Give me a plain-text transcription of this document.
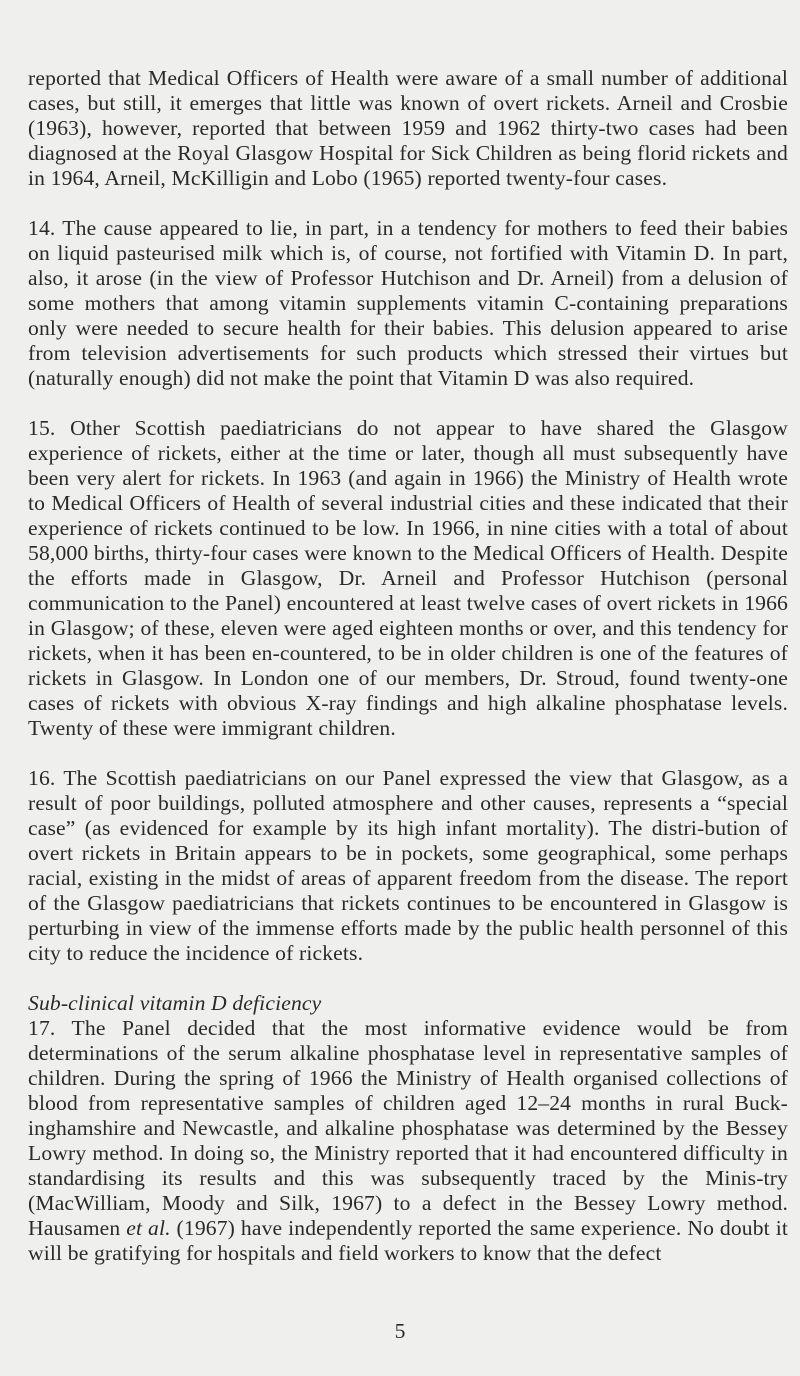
reported that Medical Officers of Health were aware of a small number of additional cases, but still, it emerges that little was known of overt rickets. Arneil and Crosbie (1963), however, reported that between 1959 and 1962 thirty-two cases had been diagnosed at the Royal Glasgow Hospital for Sick Children as being florid rickets and in 1964, Arneil, McKilligin and Lobo (1965) reported twenty-four cases.

14. The cause appeared to lie, in part, in a tendency for mothers to feed their babies on liquid pasteurised milk which is, of course, not fortified with Vitamin D. In part, also, it arose (in the view of Professor Hutchison and Dr. Arneil) from a delusion of some mothers that among vitamin supplements vitamin C-containing preparations only were needed to secure health for their babies. This delusion appeared to arise from television advertisements for such products which stressed their virtues but (naturally enough) did not make the point that Vitamin D was also required.

15. Other Scottish paediatricians do not appear to have shared the Glasgow experience of rickets, either at the time or later, though all must subsequently have been very alert for rickets. In 1963 (and again in 1966) the Ministry of Health wrote to Medical Officers of Health of several industrial cities and these indicated that their experience of rickets continued to be low. In 1966, in nine cities with a total of about 58,000 births, thirty-four cases were known to the Medical Officers of Health. Despite the efforts made in Glasgow, Dr. Arneil and Professor Hutchison (personal communication to the Panel) encountered at least twelve cases of overt rickets in 1966 in Glasgow; of these, eleven were aged eighteen months or over, and this tendency for rickets, when it has been en-countered, to be in older children is one of the features of rickets in Glasgow. In London one of our members, Dr. Stroud, found twenty-one cases of rickets with obvious X-ray findings and high alkaline phosphatase levels. Twenty of these were immigrant children.

16. The Scottish paediatricians on our Panel expressed the view that Glasgow, as a result of poor buildings, polluted atmosphere and other causes, represents a “special case” (as evidenced for example by its high infant mortality). The distri-bution of overt rickets in Britain appears to be in pockets, some geographical, some perhaps racial, existing in the midst of areas of apparent freedom from the disease. The report of the Glasgow paediatricians that rickets continues to be encountered in Glasgow is perturbing in view of the immense efforts made by the public health personnel of this city to reduce the incidence of rickets.

Sub-clinical vitamin D deficiency

17. The Panel decided that the most informative evidence would be from determinations of the serum alkaline phosphatase level in representative samples of children. During the spring of 1966 the Ministry of Health organised collections of blood from representative samples of children aged 12–24 months in rural Buck-inghamshire and Newcastle, and alkaline phosphatase was determined by the Bessey Lowry method. In doing so, the Ministry reported that it had encountered difficulty in standardising its results and this was subsequently traced by the Minis-try (MacWilliam, Moody and Silk, 1967) to a defect in the Bessey Lowry method. Hausamen et al. (1967) have independently reported the same experience. No doubt it will be gratifying for hospitals and field workers to know that the defect

5
